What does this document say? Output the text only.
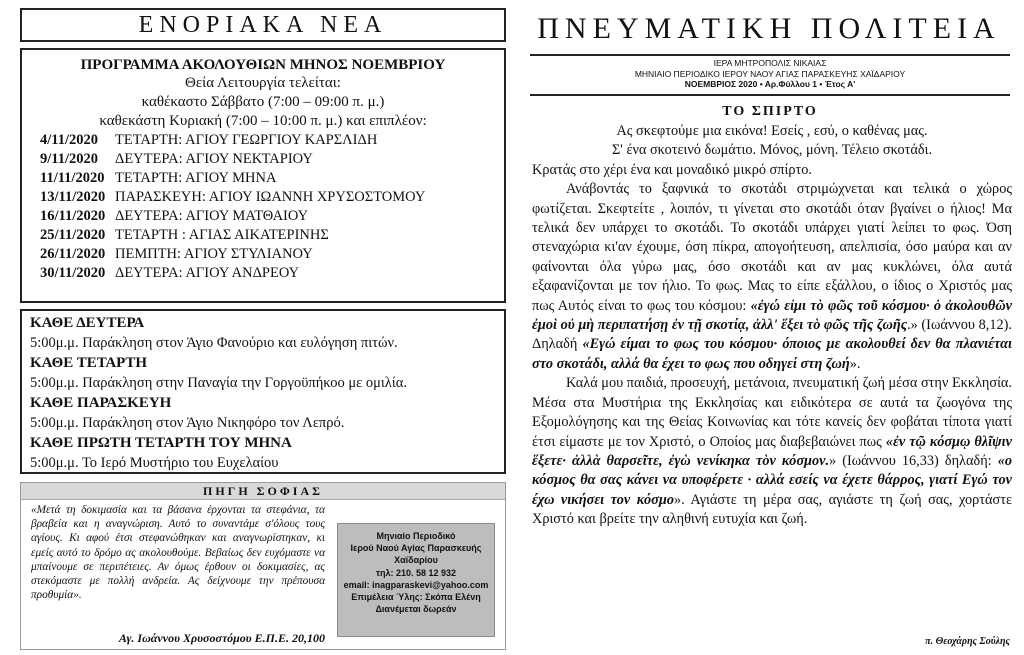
ΕΝΟΡΙΑΚΑ ΝΕΑ
ΠΡΟΓΡΑΜΜΑ ΑΚΟΛΟΥΘΙΩΝ ΜΗΝΟΣ ΝΟΕΜΒΡΙΟΥ
Θεία Λειτουργία τελείται:
καθέκαστο Σάββατο (7:00 – 09:00 π. μ.)
καθεκάστη Κυριακή (7:00 – 10:00 π. μ.) και επιπλέον:
4/11/2020 ΤΕΤΑΡΤΗ: ΑΓΙΟΥ ΓΕΩΡΓΙΟΥ ΚΑΡΣΛΙΔΗ
9/11/2020 ΔΕΥΤΕΡΑ: ΑΓΙΟΥ ΝΕΚΤΑΡΙΟΥ
11/11/2020 ΤΕΤΑΡΤΗ: ΑΓΙΟΥ ΜΗΝΑ
13/11/2020 ΠΑΡΑΣΚΕΥΗ: ΑΓΙΟΥ ΙΩΑΝΝΗ ΧΡΥΣΟΣΤΟΜΟΥ
16/11/2020 ΔΕΥΤΕΡΑ: ΑΓΙΟΥ ΜΑΤΘΑΙΟΥ
25/11/2020 ΤΕΤΑΡΤΗ : ΑΓΙΑΣ ΑΙΚΑΤΕΡΙΝΗΣ
26/11/2020 ΠΕΜΠΤΗ: ΑΓΙΟΥ ΣΤΥΛΙΑΝΟΥ
30/11/2020 ΔΕΥΤΕΡΑ: ΑΓΙΟΥ ΑΝΔΡΕΟΥ
ΚΑΘΕ ΔΕΥΤΕΡΑ
5:00μ.μ. Παράκληση στον Άγιο Φανούριο και ευλόγηση πιτών.
ΚΑΘΕ ΤΕΤΑΡΤΗ
5:00μ.μ. Παράκληση στην Παναγία την Γοργοϋπήκοο με ομιλία.
ΚΑΘΕ ΠΑΡΑΣΚΕΥΗ
5:00μ.μ. Παράκληση στον Άγιο Νικηφόρο τον Λεπρό.
ΚΑΘΕ ΠΡΩΤΗ ΤΕΤΑΡΤΗ ΤΟΥ ΜΗΝΑ
5:00μ.μ. Το Ιερό Μυστήριο του Ευχελαίου
ΠΗΓΗ ΣΟΦΙΑΣ
«Μετά τη δοκιμασία και τα βάσανα έρχονται τα στεφάνια, τα βραβεία και η αναγνώριση. Αυτό το συναντάμε σ'όλους τους αγίους. Κι αφού έτσι στεφανώθηκαν και αναγνωρίστηκαν, κι εμείς αυτό το δρόμο ας ακολουθούμε. Βεβαίως δεν ευχόμαστε να μπαίνουμε σε περιπέτειες. Αν όμως έρθουν οι δοκιμασίες, ας στεκόμαστε με πολλή ανδρεία. Ας δείχνουμε την πρέπουσα προθυμία».
Αγ. Ιωάννου Χρυσοστόμου Ε.Π.Ε. 20,100
Μηνιαίο Περιοδικό
Ιερού Ναού Αγίας Παρασκευής
Χαϊδαρίου
τηλ: 210. 58 12 932
email: inagparaskevi@yahoo.com
Επιμέλεια Ύλης: Σκόπα Ελένη
Διανέμεται δωρεάν
ΠΝΕΥΜΑΤΙΚΗ ΠΟΛΙΤΕΙΑ
ΙΕΡΑ ΜΗΤΡΟΠΟΛΙΣ ΝΙΚΑΙΑΣ
ΜΗΝΙΑΙΟ ΠΕΡΙΟΔΙΚΟ ΙΕΡΟΥ ΝΑΟΥ ΑΓΙΑΣ ΠΑΡΑΣΚΕΥΗΣ ΧΑΪΔΑΡΙΟΥ
ΝΟΕΜΒΡΙΟΣ 2020 • Αρ.Φύλλου 1 • Έτος Α'
ΤΟ ΣΠΙΡΤΟ

Ας σκεφτούμε μια εικόνα! Εσείς , εσύ, ο καθένας μας.

Σ' ένα σκοτεινό δωμάτιο. Μόνος, μόνη. Τέλειο σκοτάδι.

Κρατάς στο χέρι ένα και μοναδικό μικρό σπίρτο.

Ανάβοντάς το ξαφνικά το σκοτάδι στριμώχνεται και τελικά ο χώρος φωτίζεται. Σκεφτείτε , λοιπόν, τι γίνεται στο σκοτάδι όταν βγαίνει ο ήλιος! Μα τελικά δεν υπάρχει το σκοτάδι. Το σκοτάδι υπάρχει γιατί λείπει το φως. Όση στεναχώρια κι'αν έχουμε, όση πίκρα, απογοήτευση, απελπισία, όσο μαύρα και αν φαίνονται όλα γύρω μας, όσο σκοτάδι και αν μας κυκλώνει, όλα αυτά εξαφανίζονται με τον ήλιο. Το φως. Μας το είπε εξάλλου, ο ίδιος ο Χριστός μας πως Αυτός είναι το φως του κόσμου: «ἐγώ εἰμι τὸ φῶς τοῦ κόσμου· ὁ ἀκολουθῶν ἐμοὶ οὐ μὴ περιπατήσῃ ἐν τῇ σκοτίᾳ, ἀλλ' ἕξει τὸ φῶς τῆς ζωῆς.» (Ιωάννου 8,12). Δηλαδή «Εγώ είμαι το φως του κόσμου· όποιος με ακολουθεί δεν θα πλανιέται στο σκοτάδι, αλλά θα έχει το φως που οδηγεί στη ζωή».

Καλά μου παιδιά, προσευχή, μετάνοια, πνευματική ζωή μέσα στην Εκκλησία. Μέσα στα Μυστήρια της Εκκλησίας και ειδικότερα σε αυτά τα ζωογόνα της Εξομολόγησης και της Θείας Κοινωνίας και τότε κανείς δεν φοβάται τίποτα γιατί έτσι είμαστε με τον Χριστό, ο Οποίος μας διαβεβαιώνει πως «ἐν τῷ κόσμῳ θλῖψιν ἕξετε· ἀλλὰ θαρσεῖτε, ἐγὼ νενίκηκα τὸν κόσμον.» (Ιωάννου 16,33) δηλαδή: «ο κόσμος θα σας κάνει να υποφέρετε · αλλά εσείς να έχετε θάρρος, γιατί Εγώ τον έχω νικήσει τον κόσμο». Αγιάστε τη μέρα σας, αγιάστε τη ζωή σας, χορτάστε Χριστό και βρείτε την αληθινή ευτυχία και ζωή.

π. Θεοχάρης Σούλης
